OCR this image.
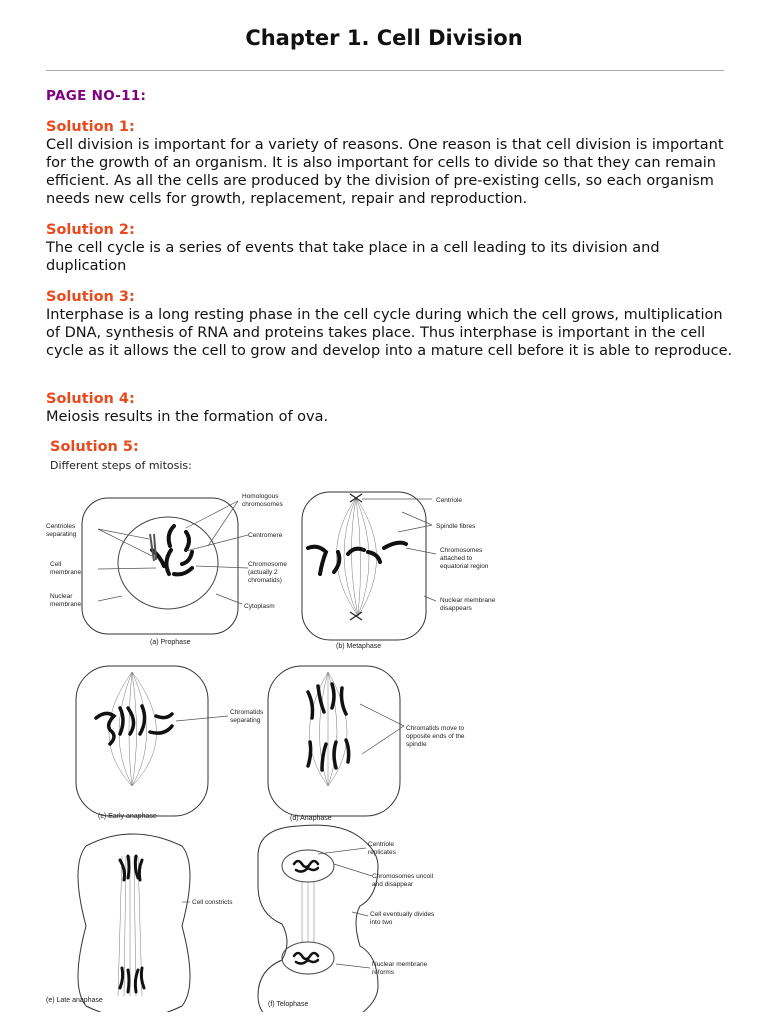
Chapter 1. Cell Division
PAGE NO-11:
Solution 1:
Cell division is important for a variety of reasons. One reason is that cell division is important for the growth of an organism. It is also important for cells to divide so that they can remain efficient. As all the cells are produced by the division of pre-existing cells, so each organism needs new cells for growth, replacement, repair and reproduction.
Solution 2:
The cell cycle is a series of events that take place in a cell leading to its division and duplication
Solution 3:
Interphase is a long resting phase in the cell cycle during which the cell grows, multiplication of DNA, synthesis of RNA and proteins takes place. Thus interphase is important in the cell cycle as it allows the cell to grow and develop into a mature cell before it is able to reproduce.
Solution 4:
Meiosis results in the formation of ova.
Solution 5:
Different steps of mitosis:
(a) Prophase
(b) Metaphase
(c) Early anaphase	(d) Anaphase
(e) Late anaphase
(f) Telophase
Centrioles
separating
Cell
membrane
Nuclear
membrane
Homologous
chromosomes
Centromere
Chromosome
(actually 2
chromatids)
Cytoplasm
Centriole
Spindle fibres
Chromosomes
attached to
equatorial region
Nuclear membrane
disappears
Chromatids
separating
Chromatids move to
opposite ends of the
spindle
Cell constricts
Centriole
replicates
Chromosomes uncoil
and disappear
Cell eventually divides
into two
Nuclear membrane
reforms
